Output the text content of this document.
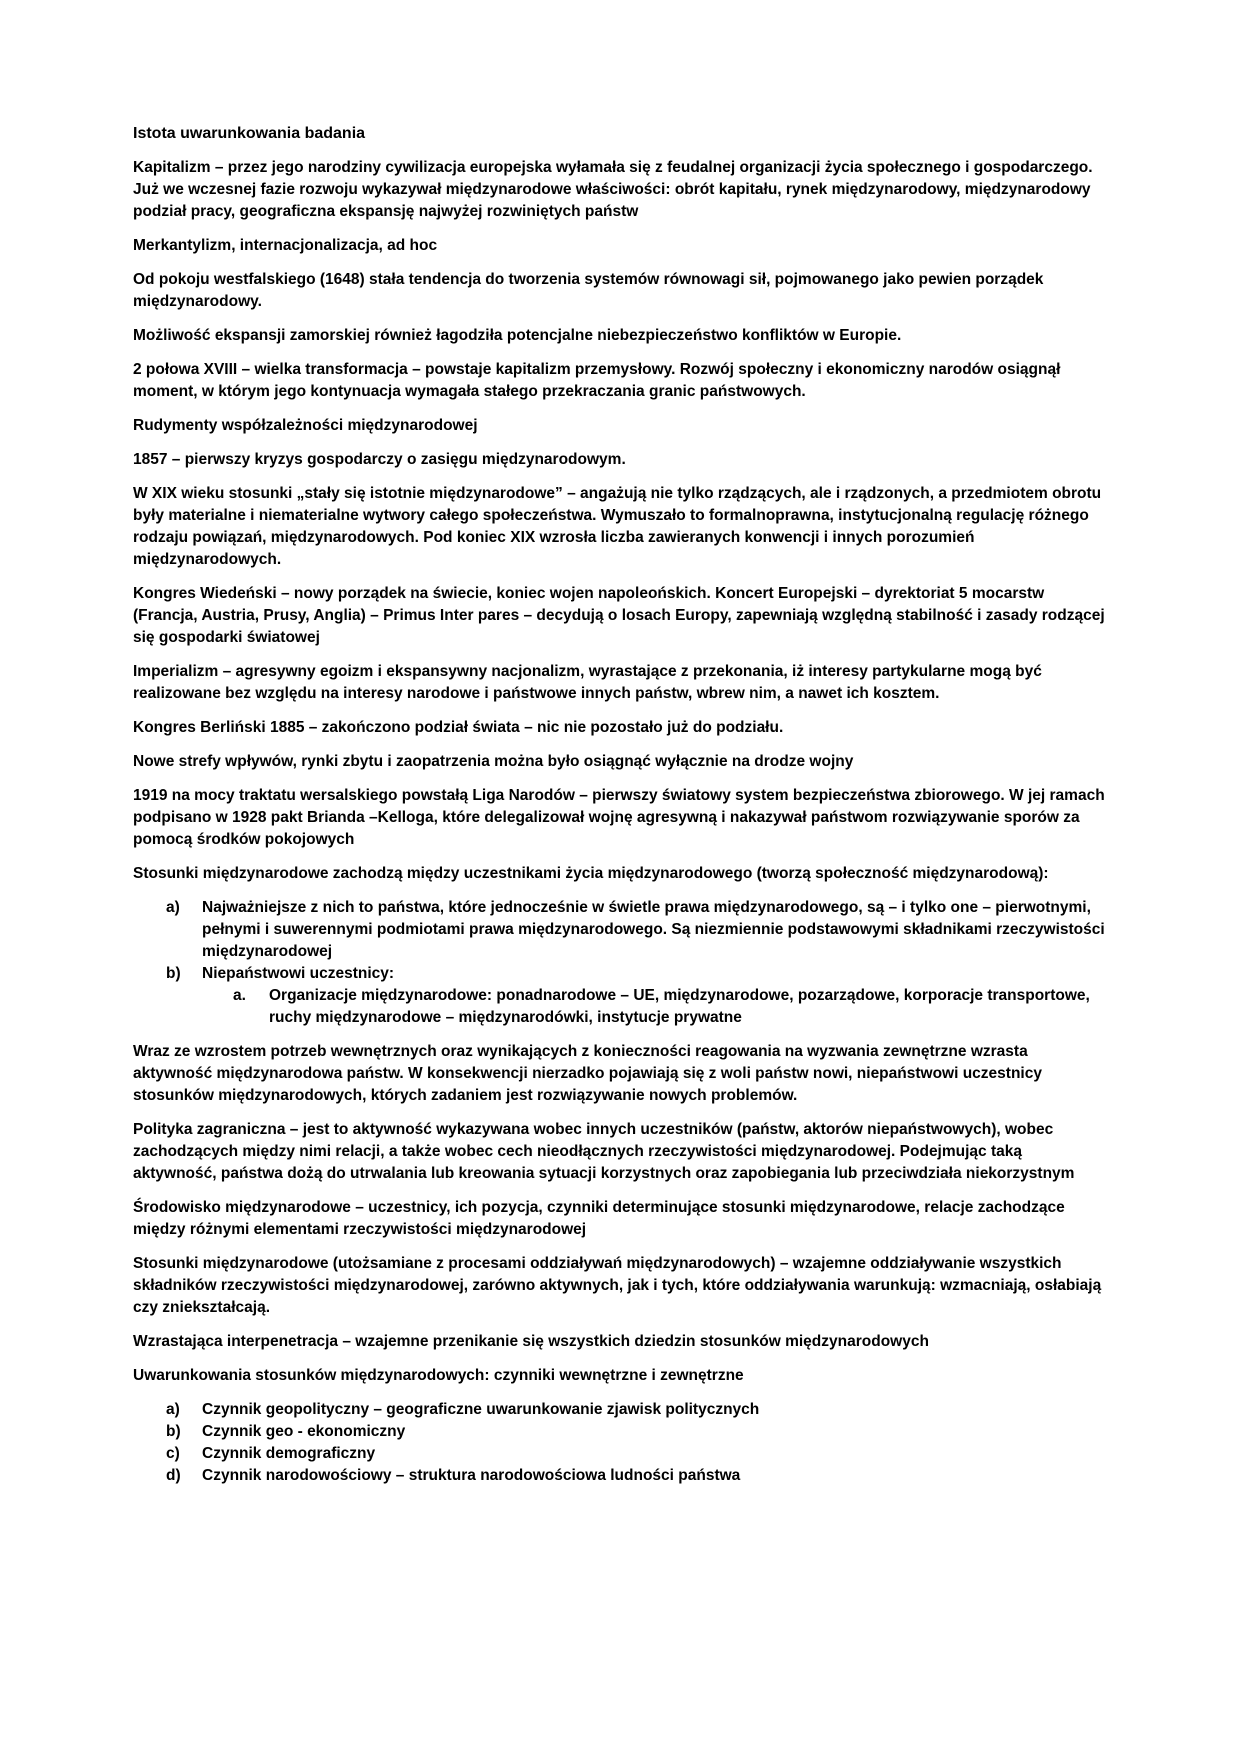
Istota uwarunkowania badania

Kapitalizm – przez jego narodziny cywilizacja europejska wyłamała się z feudalnej organizacji życia społecznego i gospodarczego. Już we wczesnej fazie rozwoju wykazywał międzynarodowe właściwości: obrót kapitału, rynek międzynarodowy, międzynarodowy podział pracy, geograficzna ekspansję najwyżej rozwiniętych państw

Merkantylizm, internacjonalizacja, ad hoc

Od pokoju westfalskiego (1648) stała tendencja do tworzenia systemów równowagi sił, pojmowanego jako pewien porządek międzynarodowy.

Możliwość ekspansji zamorskiej również łagodziła potencjalne niebezpieczeństwo konfliktów w Europie.

2 połowa XVIII – wielka transformacja – powstaje kapitalizm przemysłowy. Rozwój społeczny i ekonomiczny narodów osiągnął moment, w którym jego kontynuacja wymagała stałego przekraczania granic państwowych.

Rudymenty współzależności międzynarodowej

1857 – pierwszy kryzys gospodarczy o zasięgu międzynarodowym.

W XIX wieku stosunki „stały się istotnie międzynarodowe” – angażują nie tylko rządzących, ale i rządzonych, a przedmiotem obrotu były materialne i niematerialne wytwory całego społeczeństwa. Wymuszało to formalnoprawna, instytucjonalną regulację różnego rodzaju powiązań, międzynarodowych. Pod koniec XIX wzrosła liczba zawieranych konwencji i innych porozumień międzynarodowych.

Kongres Wiedeński – nowy porządek na świecie, koniec wojen napoleońskich. Koncert Europejski – dyrektoriat 5 mocarstw (Francja, Austria, Prusy, Anglia) – Primus Inter pares – decydują o losach Europy, zapewniają względną stabilność i zasady rodzącej się gospodarki światowej

Imperializm – agresywny egoizm i ekspansywny nacjonalizm, wyrastające z przekonania, iż interesy partykularne mogą być realizowane bez względu na interesy narodowe i państwowe innych państw, wbrew nim, a nawet ich kosztem.

Kongres Berliński 1885 – zakończono podział świata – nic nie pozostało już do podziału.

Nowe strefy wpływów, rynki zbytu i zaopatrzenia można było osiągnąć wyłącznie na drodze wojny

1919 na mocy traktatu wersalskiego powstałą Liga Narodów – pierwszy światowy system bezpieczeństwa zbiorowego. W jej ramach podpisano w 1928 pakt Brianda –Kelloga, które delegalizował wojnę agresywną i nakazywał państwom rozwiązywanie sporów za pomocą środków pokojowych

Stosunki międzynarodowe zachodzą między uczestnikami życia międzynarodowego (tworzą społeczność międzynarodową):

a)	Najważniejsze z nich to państwa, które jednocześnie w świetle prawa międzynarodowego, są – i tylko one – pierwotnymi, pełnymi i suwerennymi podmiotami prawa międzynarodowego. Są niezmiennie podstawowymi składnikami rzeczywistości międzynarodowej
b)	Niepaństwowi uczestnicy:
a.	Organizacje międzynarodowe: ponadnarodowe – UE, międzynarodowe, pozarządowe, korporacje transportowe, ruchy międzynarodowe – międzynarodówki, instytucje prywatne

Wraz ze wzrostem potrzeb wewnętrznych oraz wynikających z konieczności reagowania na wyzwania zewnętrzne wzrasta aktywność międzynarodowa państw. W konsekwencji nierzadko pojawiają się z woli państw nowi, niepaństwowi uczestnicy stosunków międzynarodowych, których zadaniem jest rozwiązywanie nowych problemów.

Polityka zagraniczna – jest to aktywność wykazywana wobec innych uczestników (państw, aktorów niepaństwowych), wobec zachodzących między nimi relacji, a także wobec cech nieodłącznych rzeczywistości międzynarodowej. Podejmując taką aktywność, państwa dożą do utrwalania lub kreowania sytuacji korzystnych oraz zapobiegania lub przeciwdziała niekorzystnym

Środowisko międzynarodowe – uczestnicy, ich pozycja, czynniki determinujące stosunki międzynarodowe, relacje zachodzące między różnymi elementami rzeczywistości międzynarodowej

Stosunki międzynarodowe (utożsamiane z procesami oddziaływań międzynarodowych) – wzajemne oddziaływanie wszystkich składników rzeczywistości międzynarodowej, zarówno aktywnych, jak i tych, które oddziaływania warunkują: wzmacniają, osłabiają czy zniekształcają.

Wzrastająca interpenetracja – wzajemne przenikanie się wszystkich dziedzin stosunków międzynarodowych

Uwarunkowania stosunków międzynarodowych: czynniki wewnętrzne i zewnętrzne

a)	Czynnik geopolityczny – geograficzne uwarunkowanie zjawisk politycznych
b)	Czynnik geo - ekonomiczny
c)	Czynnik demograficzny
d)	Czynnik narodowościowy – struktura narodowościowa ludności państwa
